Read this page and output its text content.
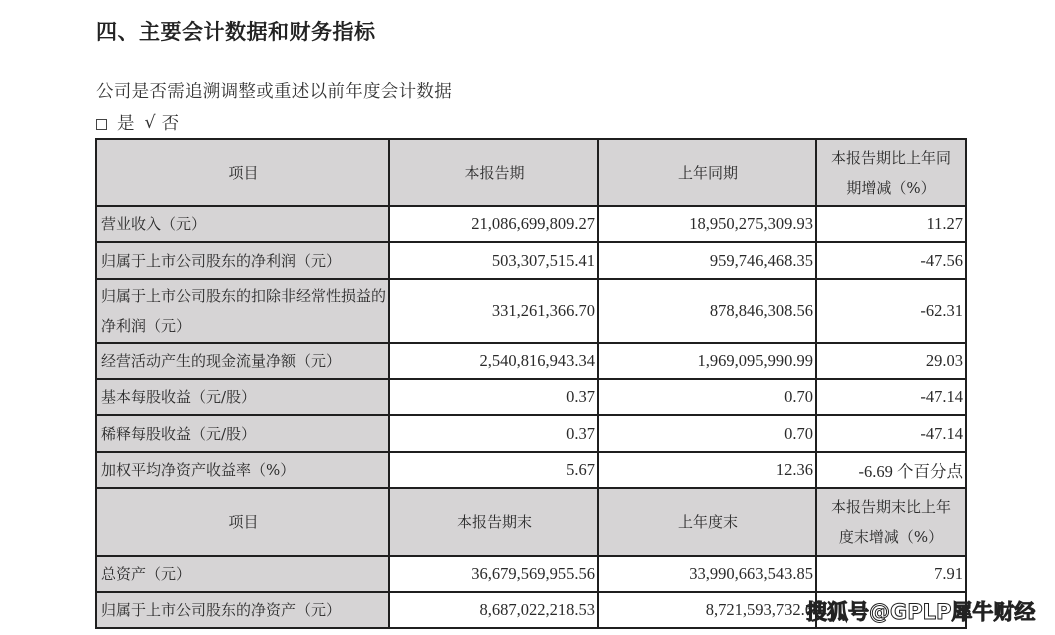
四、主要会计数据和财务指标
公司是否需追溯调整或重述以前年度会计数据
是 √ 否
项目	本报告期	上年同期	本报告期比上年同期增减（%）
营业收入（元）	21,086,699,809.27	18,950,275,309.93	11.27
归属于上市公司股东的净利润（元）	503,307,515.41	959,746,468.35	-47.56
归属于上市公司股东的扣除非经常性损益的净利润（元）	331,261,366.70	878,846,308.56	-62.31
经营活动产生的现金流量净额（元）	2,540,816,943.34	1,969,095,990.99	29.03
基本每股收益（元/股）	0.37	0.70	-47.14
稀释每股收益（元/股）	0.37	0.70	-47.14
加权平均净资产收益率（%）	5.67	12.36	-6.69 个百分点
项目	本报告期末	上年度末	本报告期末比上年度末增减（%）
总资产（元）	36,679,569,955.56	33,990,663,543.85	7.91
归属于上市公司股东的净资产（元）	8,687,022,218.53	8,721,593,732.6	
搜狐号@GPLP犀牛财经
